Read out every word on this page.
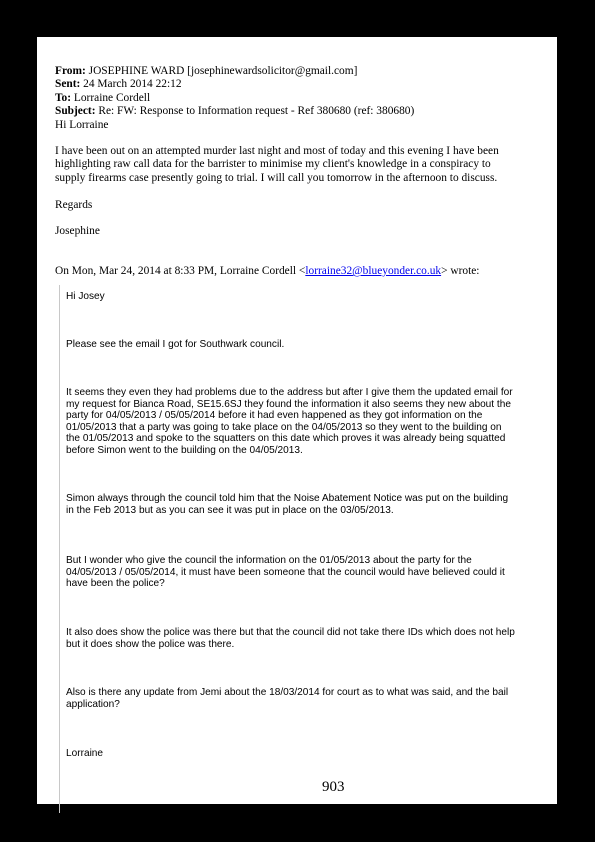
From: JOSEPHINE WARD [josephinewardsolicitor@gmail.com]
Sent: 24 March 2014 22:12
To: Lorraine Cordell
Subject: Re: FW: Response to Information request - Ref 380680 (ref: 380680)
Hi Lorraine
I have been out on an attempted murder last night and most of today and this evening I have been
highlighting raw call data for the barrister to minimise my client's knowledge in a conspiracy to
supply firearms case presently going to trial. I will call you tomorrow in the afternoon to discuss.
Regards
Josephine
On Mon, Mar 24, 2014 at 8:33 PM, Lorraine Cordell <lorraine32@blueyonder.co.uk> wrote:
Hi Josey
Please see the email I got for Southwark council.
It seems they even they had problems due to the address but after I give them the updated email for
my request for Bianca Road, SE15.6SJ they found the information it also seems they new about the
party for 04/05/2013 / 05/05/2014 before it had even happened as they got information on the
01/05/2013 that a party was going to take place on the 04/05/2013 so they went to the building on
the 01/05/2013 and spoke to the squatters on this date which proves it was already being squatted
before Simon went to the building on the 04/05/2013.
Simon always through the council told him that the Noise Abatement Notice was put on the building
in the Feb 2013 but as you can see it was put in place on the 03/05/2013.
But I wonder who give the council the information on the 01/05/2013 about the party for the
04/05/2013 / 05/05/2014, it must have been someone that the council would have believed could it
have been the police?
It also does show the police was there but that the council did not take there IDs which does not help
but it does show the police was there.
Also is there any update from Jemi about the 18/03/2014 for court as to what was said, and the bail
application?
Lorraine
903
